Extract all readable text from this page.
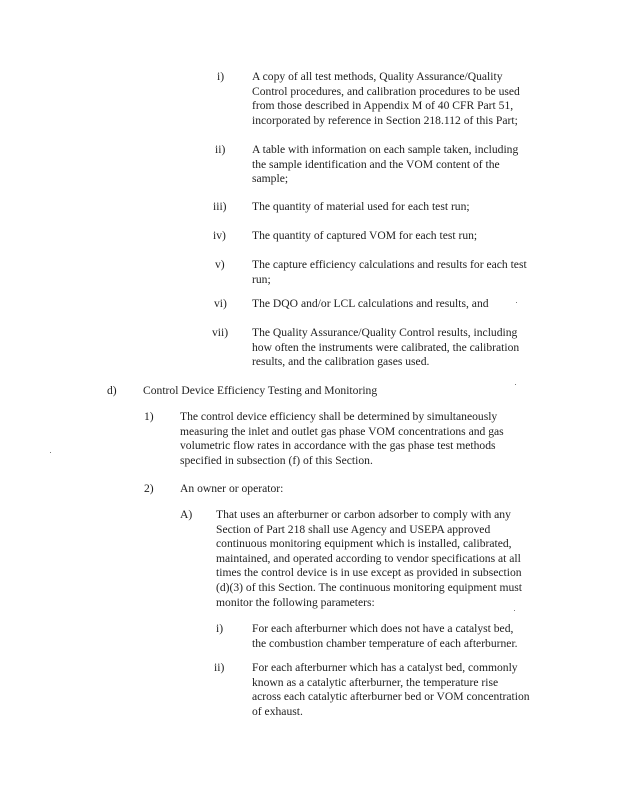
i) A copy of all test methods, Quality Assurance/Quality
Control procedures, and calibration procedures to be used
from those described in Appendix M of 40 CFR Part 51,
incorporated by reference in Section 218.112 of this Part;
ii) A table with information on each sample taken, including
the sample identification and the VOM content of the
sample;
iii) The quantity of material used for each test run;
iv) The quantity of captured VOM for each test run;
v) The capture efficiency calculations and results for each test
run;
vi) The DQO and/or LCL calculations and results, and
vii) The Quality Assurance/Quality Control results, including
how often the instruments were calibrated, the calibration
results, and the calibration gases used.
d) Control Device Efficiency Testing and Monitoring
1) The control device efficiency shall be determined by simultaneously
measuring the inlet and outlet gas phase VOM concentrations and gas
volumetric flow rates in accordance with the gas phase test methods
specified in subsection (f) of this Section.
2) An owner or operator:
A) That uses an afterburner or carbon adsorber to comply with any
Section of Part 218 shall use Agency and USEPA approved
continuous monitoring equipment which is installed, calibrated,
maintained, and operated according to vendor specifications at all
times the control device is in use except as provided in subsection
(d)(3) of this Section. The continuous monitoring equipment must
monitor the following parameters:
i) For each afterburner which does not have a catalyst bed,
the combustion chamber temperature of each afterburner.
ii) For each afterburner which has a catalyst bed, commonly
known as a catalytic afterburner, the temperature rise
across each catalytic afterburner bed or VOM concentration
of exhaust.
